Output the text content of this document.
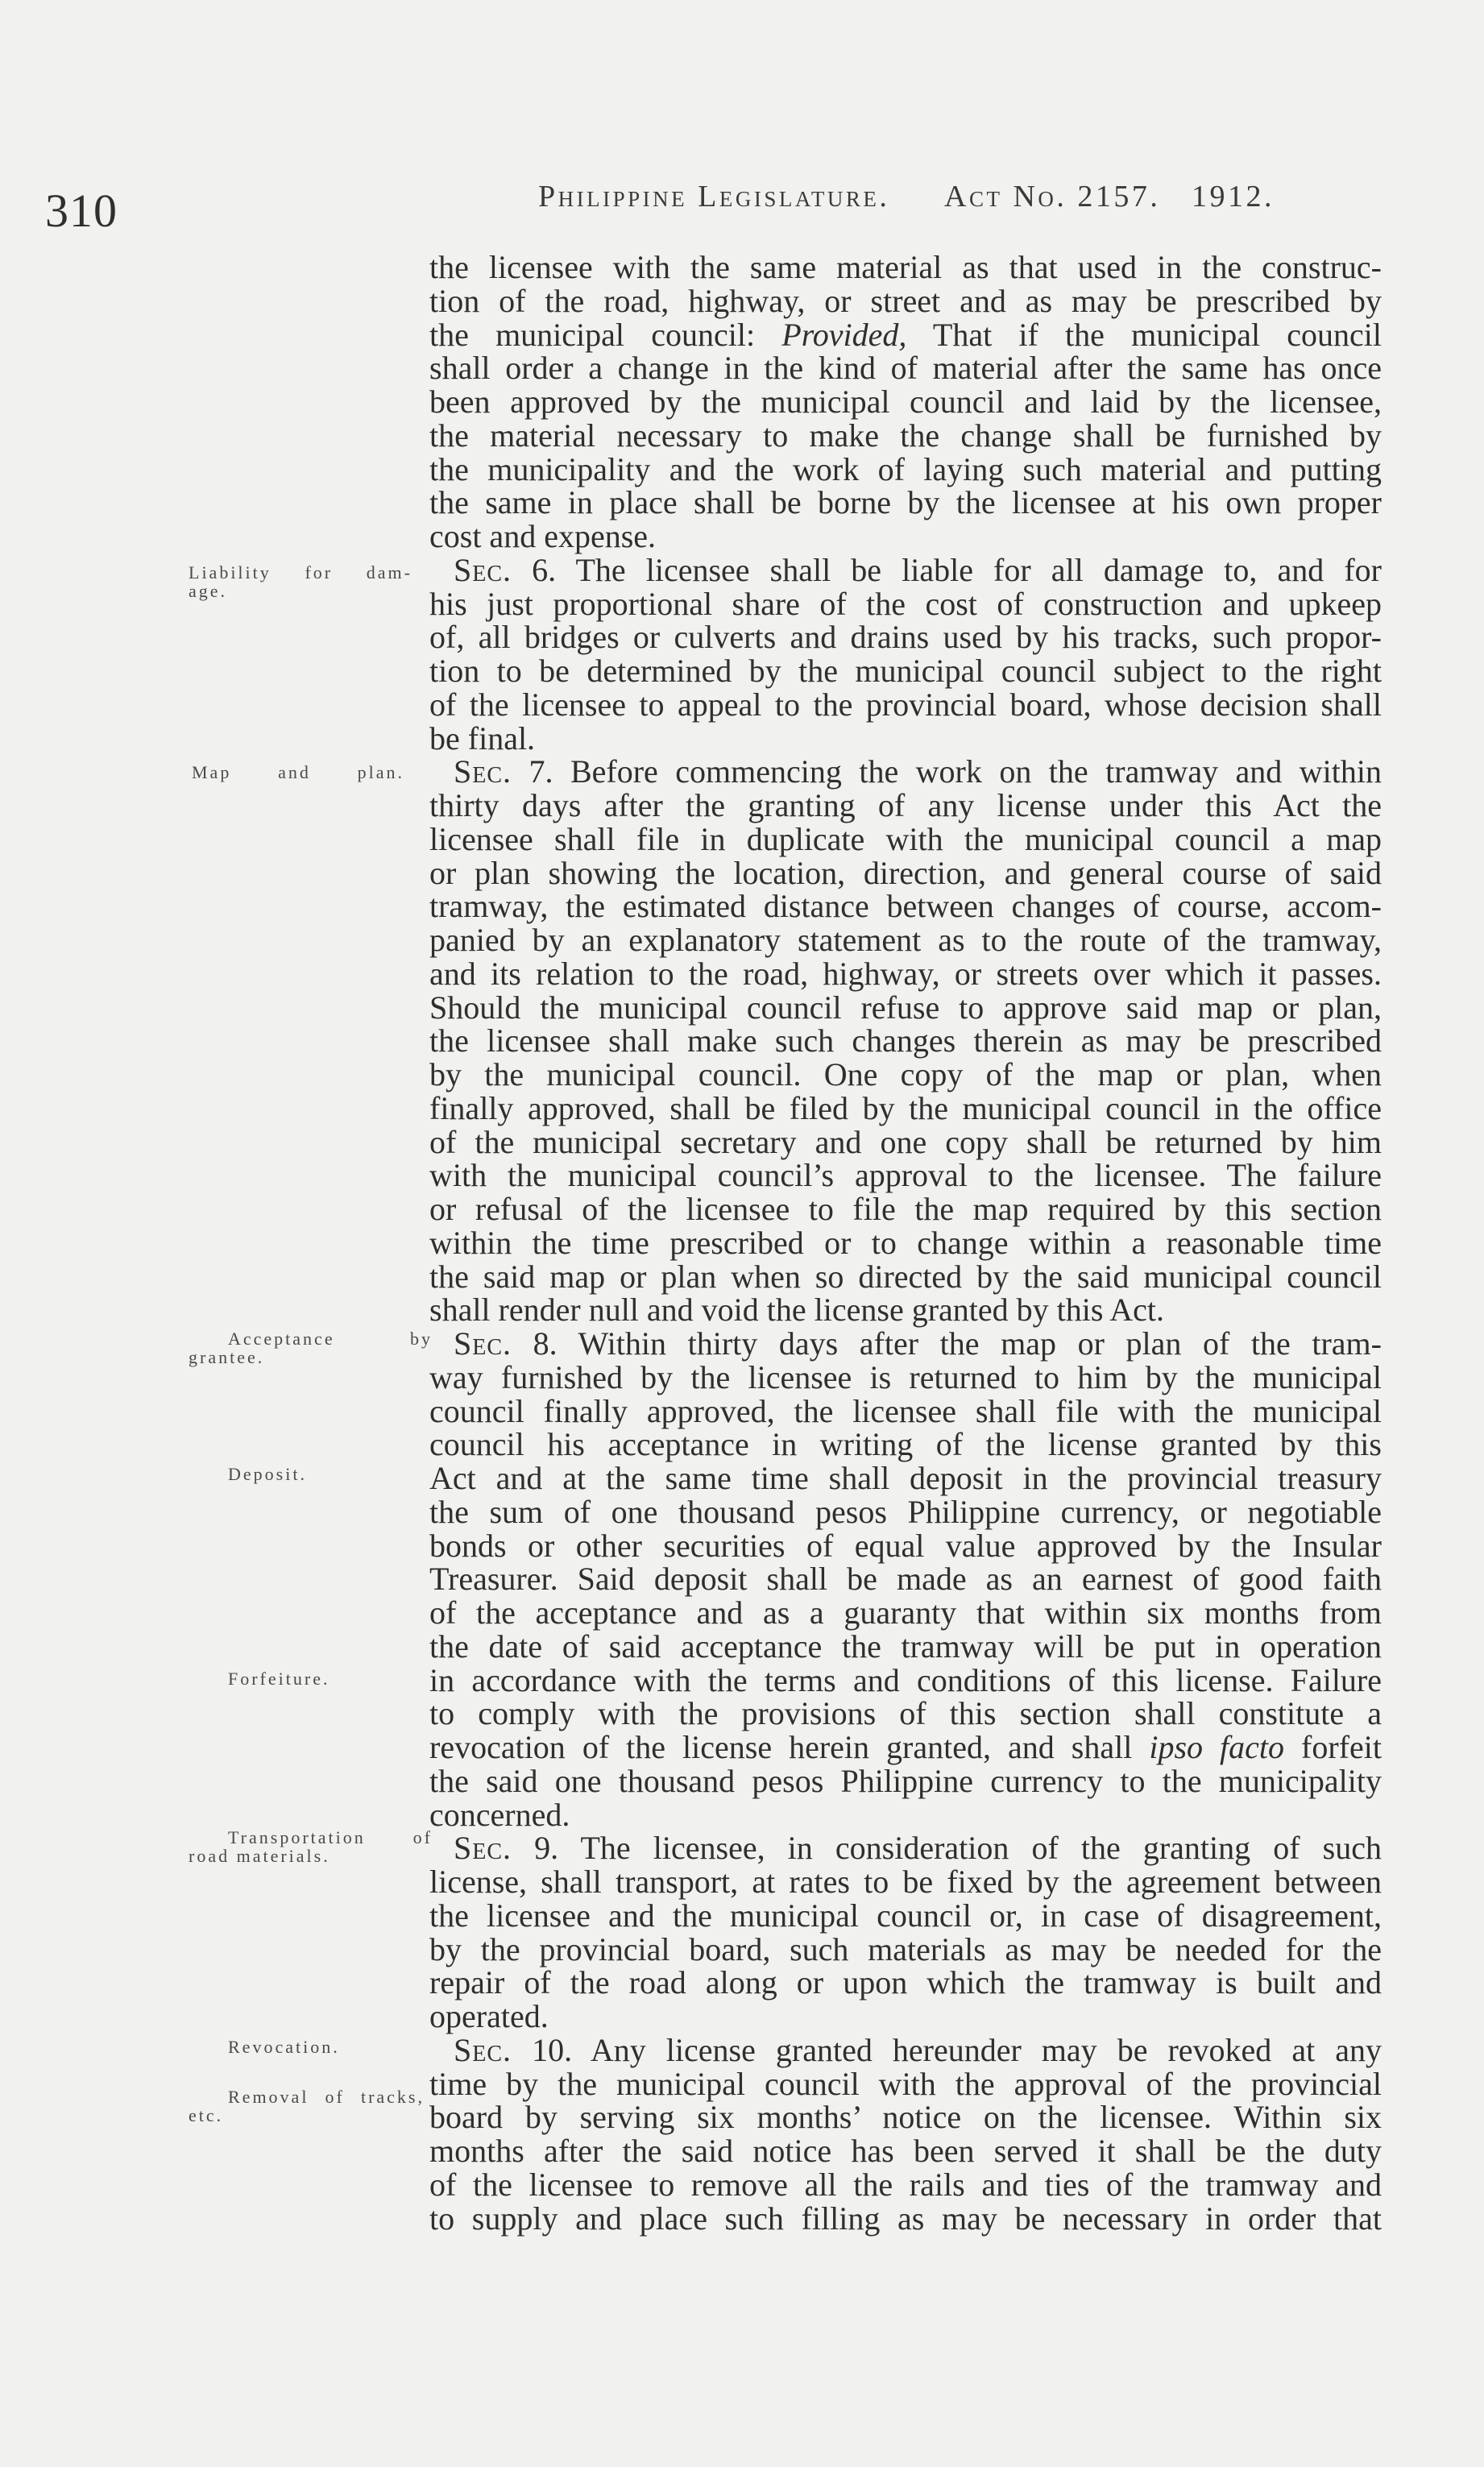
310	Philippine Legislature. Act No. 2157. 1912.
Liability for dam-
age.
Map and plan.
Acceptance by
grantee.
Deposit.
Forfeiture.
Transportation of
road materials.
Revocation.
Removal of tracks,
etc.
the licensee with the same material as that used in the construc-
tion of the road, highway, or street and as may be prescribed by
the municipal council: Provided, That if the municipal council
shall order a change in the kind of material after the same has once
been approved by the municipal council and laid by the licensee,
the material necessary to make the change shall be furnished by
the municipality and the work of laying such material and putting
the same in place shall be borne by the licensee at his own proper
cost and expense.
Sec. 6. The licensee shall be liable for all damage to, and for
his just proportional share of the cost of construction and upkeep
of, all bridges or culverts and drains used by his tracks, such propor-
tion to be determined by the municipal council subject to the right
of the licensee to appeal to the provincial board, whose decision shall
be final.
Sec. 7. Before commencing the work on the tramway and within
thirty days after the granting of any license under this Act the
licensee shall file in duplicate with the municipal council a map
or plan showing the location, direction, and general course of said
tramway, the estimated distance between changes of course, accom-
panied by an explanatory statement as to the route of the tramway,
and its relation to the road, highway, or streets over which it passes.
Should the municipal council refuse to approve said map or plan,
the licensee shall make such changes therein as may be prescribed
by the municipal council. One copy of the map or plan, when
finally approved, shall be filed by the municipal council in the office
of the municipal secretary and one copy shall be returned by him
with the municipal council’s approval to the licensee. The failure
or refusal of the licensee to file the map required by this section
within the time prescribed or to change within a reasonable time
the said map or plan when so directed by the said municipal council
shall render null and void the license granted by this Act.
Sec. 8. Within thirty days after the map or plan of the tram-
way furnished by the licensee is returned to him by the municipal
council finally approved, the licensee shall file with the municipal
council his acceptance in writing of the license granted by this
Act and at the same time shall deposit in the provincial treasury
the sum of one thousand pesos Philippine currency, or negotiable
bonds or other securities of equal value approved by the Insular
Treasurer. Said deposit shall be made as an earnest of good faith
of the acceptance and as a guaranty that within six months from
the date of said acceptance the tramway will be put in operation
in accordance with the terms and conditions of this license. Failure
to comply with the provisions of this section shall constitute a
revocation of the license herein granted, and shall ipso facto forfeit
the said one thousand pesos Philippine currency to the municipality
concerned.
Sec. 9. The licensee, in consideration of the granting of such
license, shall transport, at rates to be fixed by the agreement between
the licensee and the municipal council or, in case of disagreement,
by the provincial board, such materials as may be needed for the
repair of the road along or upon which the tramway is built and
operated.
Sec. 10. Any license granted hereunder may be revoked at any
time by the municipal council with the approval of the provincial
board by serving six months’ notice on the licensee. Within six
months after the said notice has been served it shall be the duty
of the licensee to remove all the rails and ties of the tramway and
to supply and place such filling as may be necessary in order that
